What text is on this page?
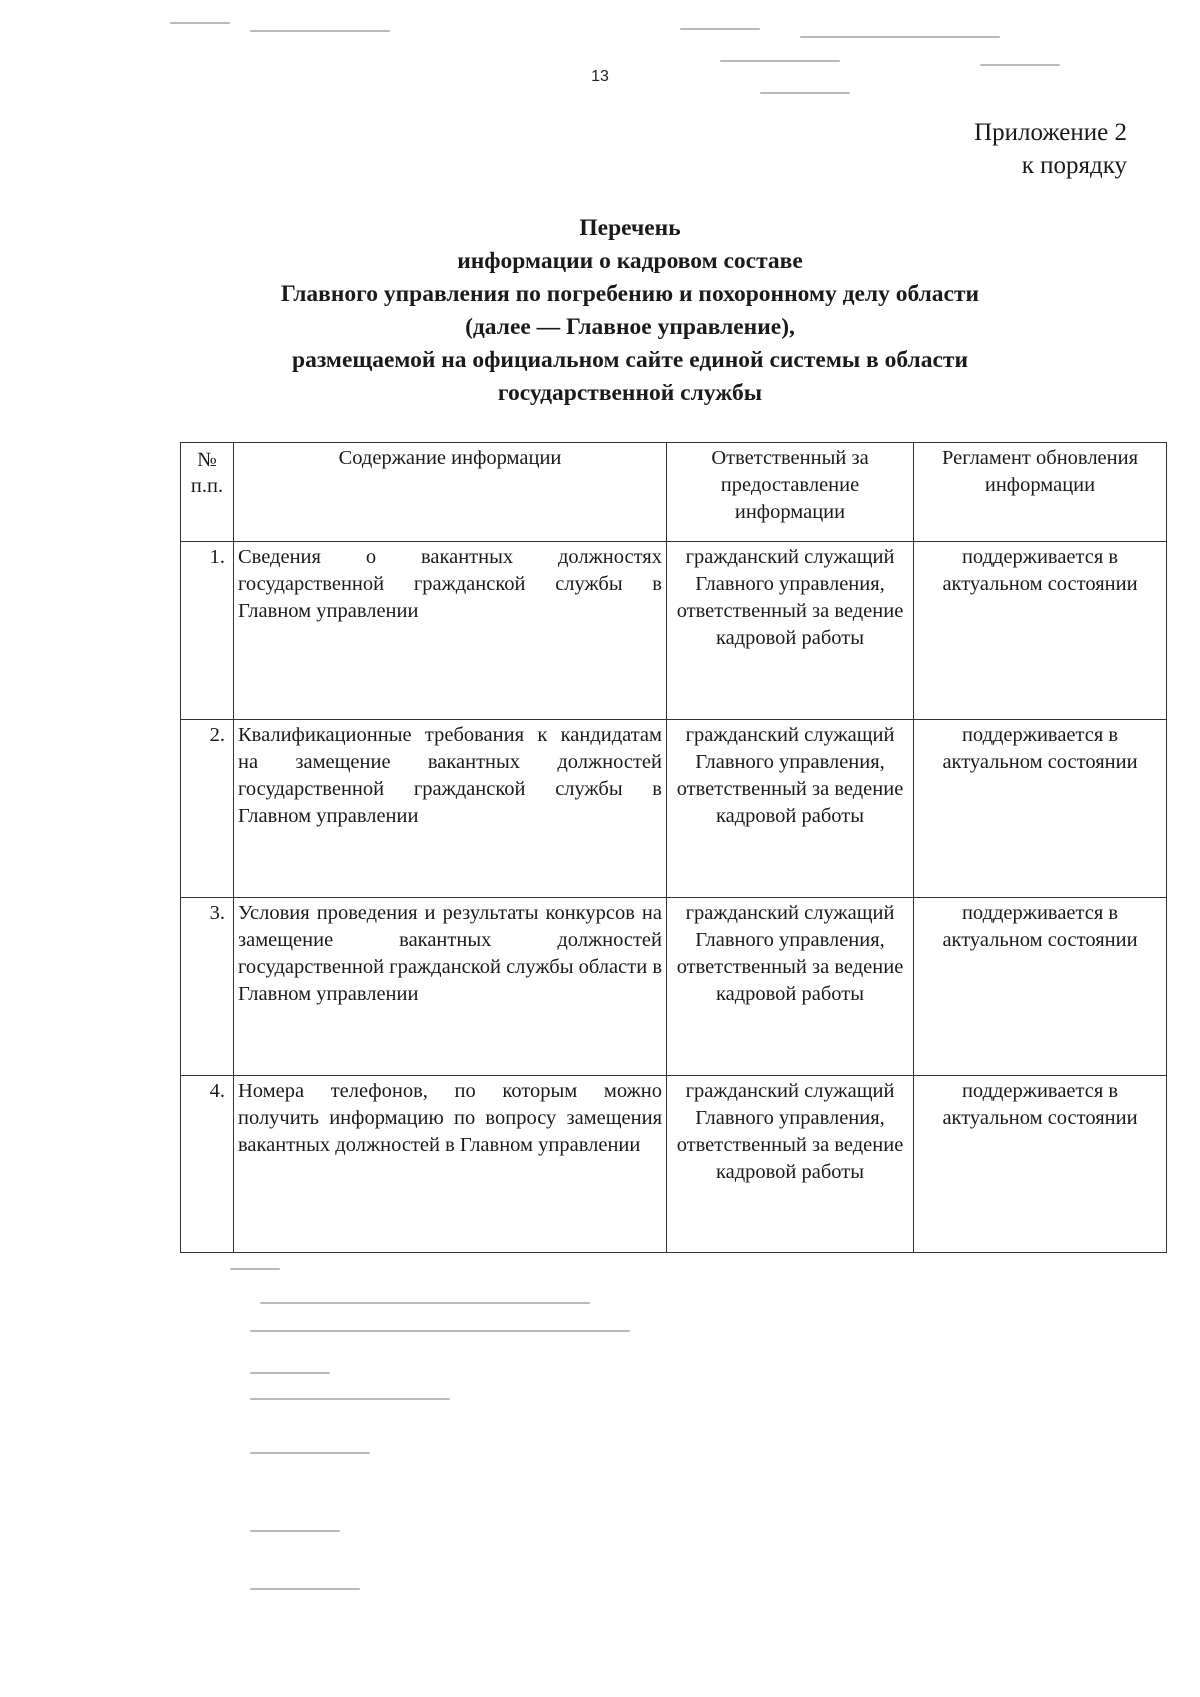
13
Приложение 2
к порядку
Перечень
информации о кадровом составе
Главного управления по погребению и похоронному делу области
(далее — Главное управление),
размещаемой на официальном сайте единой системы в области
государственной службы
№ п.п.	Содержание информации	Ответственный за предоставление информации	Регламент обновления информации
1.	Сведения о вакантных должностях государственной гражданской службы в Главном управлении	гражданский служащий Главного управления, ответственный за ведение кадровой работы	поддерживается в актуальном состоянии
2.	Квалификационные требования к кандидатам на замещение вакантных должностей государственной гражданской службы в Главном управлении	гражданский служащий Главного управления, ответственный за ведение кадровой работы	поддерживается в актуальном состоянии
3.	Условия проведения и результаты конкурсов на замещение вакантных должностей государственной гражданской службы области в Главном управлении	гражданский служащий Главного управления, ответственный за ведение кадровой работы	поддерживается в актуальном состоянии
4.	Номера телефонов, по которым можно получить информацию по вопросу замещения вакантных должностей в Главном управлении	гражданский служащий Главного управления, ответственный за ведение кадровой работы	поддерживается в актуальном состоянии
